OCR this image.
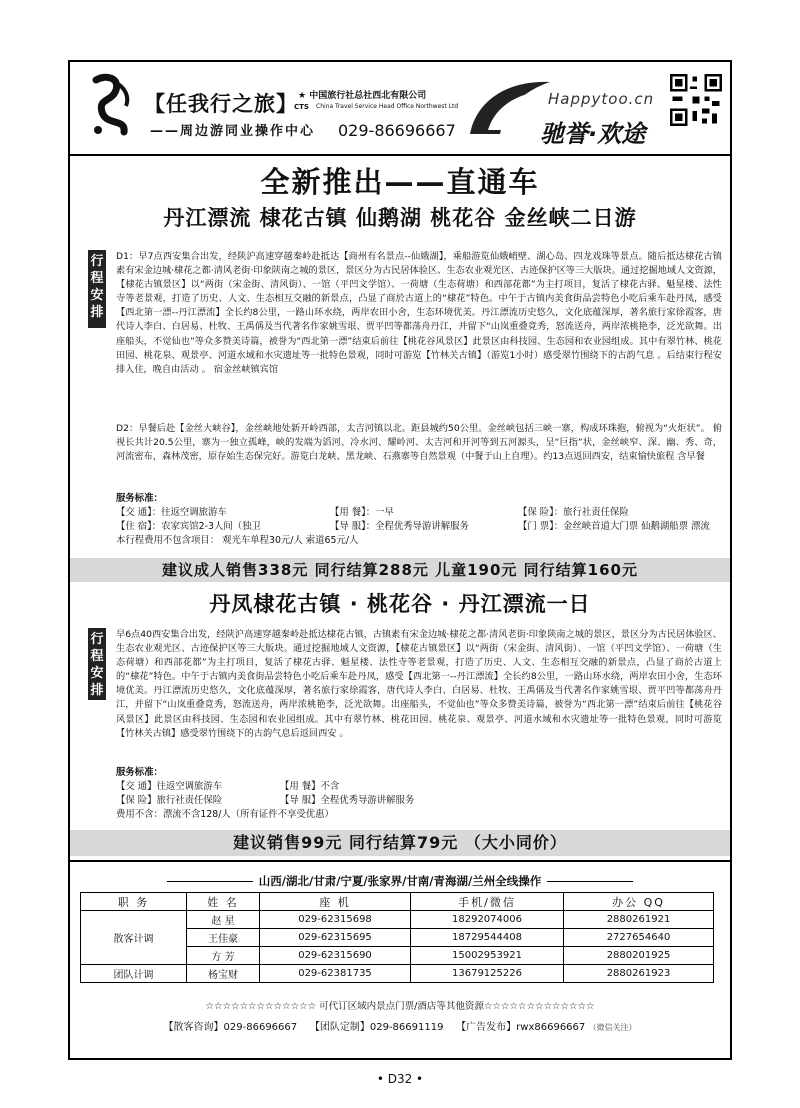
【任我行之旅】
——周边游同业操作中心
★ 中国旅行社总社西北有限公司
CTS China Travel Service Head Office Northwest Ltd
029-86696667
Happytoo.cn
驰誉·欢途
全新推出——直通车
丹江漂流 棣花古镇 仙鹅湖 桃花谷 金丝峡二日游
行程安排
D1：早7点西安集合出发，经陕沪高速穿越秦岭赴抵达【商州有名景点--仙娥湖】，乘船游览仙娥峭壁、湖心岛、四龙戏珠等景点。随后抵达棣花古镇素有宋金边城·棣花之都·清风老街·印象陕南之城的景区，景区分为古民居体验区、生态农业观光区、古迹保护区等三大版块。通过挖掘地域人文资源，【棣花古镇景区】以“两街（宋金街、清风街）、一馆（平凹文学馆）、一荷塘（生态荷塘）和西部花都”为主打项目，复活了棣花古驿、魁星楼、法性寺等老景观，打造了历史、人文、生态相互交融的新景点，凸显了商於古道上的“棣花”特色。中午于古镇内美食街品尝特色小吃后乘车赴丹凤，感受【西北第一漂--丹江漂流】全长约8公里，一路山环水绕，两岸农田小舍，生态环境优美。丹江漂流历史悠久，文化底蕴深厚，著名旅行家徐霞客，唐代诗人李白、白居易、杜牧、王禹偁及当代著名作家姚雪垠、贾平凹等都荡舟丹江，并留下“山岚重叠竟秀，怒流送舟，两岸浓桃艳李，泛光欲舞。出座船头，不觉仙也”等众多赞美诗篇，被誉为“西北第一漂”结束后前往【桃花谷风景区】此景区由科技园、生态园和农业园组成。其中有翠竹林、桃花田园、桃花泉、观景亭、河道水域和水灾遗址等一批特色景观，同时可游览【竹林关古镇】（游览1小时）感受翠竹围绕下的古韵气息 。后结束行程安排入住，晚自由活动 。 宿金丝峡镇宾馆
D2：早餐后赴【金丝大峡谷】，金丝峡地处新开岭西部，太吉河镇以北。距县城约50公里。金丝峡包括三峡一寨，构成环珠抱，俯视为“火炬状”。 俯视长共计20.5公里，寨为一独立孤峰，峡的发端为滔河、冷水河、耀岭河、太吉河和开河等到五河源头，呈“巨指”状，金丝峡窄、深、幽、秀、奇，河流密布，森林茂密，原存始生态保完好。游览白龙峡、黑龙峡、石燕寨等自然景观（中餐于山上自理）。约13点返回西安，结束愉快旅程 含早餐
服务标准：
【交 通】：往返空调旅游车	【用 餐】：一早	【保 险】：旅行社责任保险
【住 宿】：农家宾馆2-3人间（独卫	【导 服】：全程优秀导游讲解服务	【门 票】：金丝峡首道大门票 仙鹅湖船票 漂流
本行程费用不包含项目： 观光车单程30元/人 索道65元/人
建议成人销售338元 同行结算288元 儿童190元 同行结算160元
丹凤棣花古镇 · 桃花谷 · 丹江漂流一日
行程安排
早6点40西安集合出发，经陕沪高速穿越秦岭赴抵达棣花古镇，古镇素有宋金边城·棣花之都·清风老街·印象陕南之城的景区，景区分为古民居体验区、生态农业观光区、古迹保护区等三大版块。通过挖掘地域人文资源，【棣花古镇景区】以“两街（宋金街、清风街）、一馆（平凹文学馆）、一荷塘（生态荷塘）和西部花都”为主打项目，复活了棣花古驿、魁星楼、法性寺等老景观，打造了历史、人文、生态相互交融的新景点，凸显了商於古道上的“棣花”特色。中午于古镇内美食街品尝特色小吃后乘车赴丹凤，感受【西北第一--丹江漂流】全长约8公里，一路山环水绕，两岸农田小舍，生态环境优美。丹江漂流历史悠久，文化底蕴深厚，著名旅行家徐霞客，唐代诗人李白、白居易、杜牧、王禹偁及当代著名作家姚雪垠、贾平凹等都荡舟丹江，并留下“山岚重叠竟秀，怒流送舟，两岸浓桃艳李，泛光欲舞。出座船头，不觉仙也”等众多赞美诗篇，被誉为“西北第一漂”结束后前往【桃花谷风景区】此景区由科技园、生态园和农业园组成。其中有翠竹林、桃花田园、桃花泉、观景亭、河道水域和水灾遗址等一批特色景观，同时可游览【竹林关古镇】感受翠竹围绕下的古韵气息后返回西安 。
服务标准：
【交 通】往返空调旅游车	【用 餐】不含
【保 险】旅行社责任保险	【导 服】全程优秀导游讲解服务
费用不含：漂流不含128/人（所有证件不享受优惠）
建议销售99元 同行结算79元 （大小同价）
山西/湖北/甘肃/宁夏/张家界/甘南/青海湖/兰州全线操作
职 务	姓 名	座 机	手机/微信	办公 QQ
散客计调	赵 星	029-62315698	18292074006	2880261921
	王佳豪	029-62315695	18729544408	2727654640
	方 芳	029-62315690	15002953921	2880201925
团队计调	杨宝财	029-62381735	13679125226	2880261923
☆☆☆☆☆☆☆☆☆☆☆☆☆ 可代订区域内景点门票/酒店等其他资源☆☆☆☆☆☆☆☆☆☆☆☆☆
【散客咨询】029-86696667 【团队定制】029-86691119 【广告发布】rwx86696667 （微信关注）
• D32 •
